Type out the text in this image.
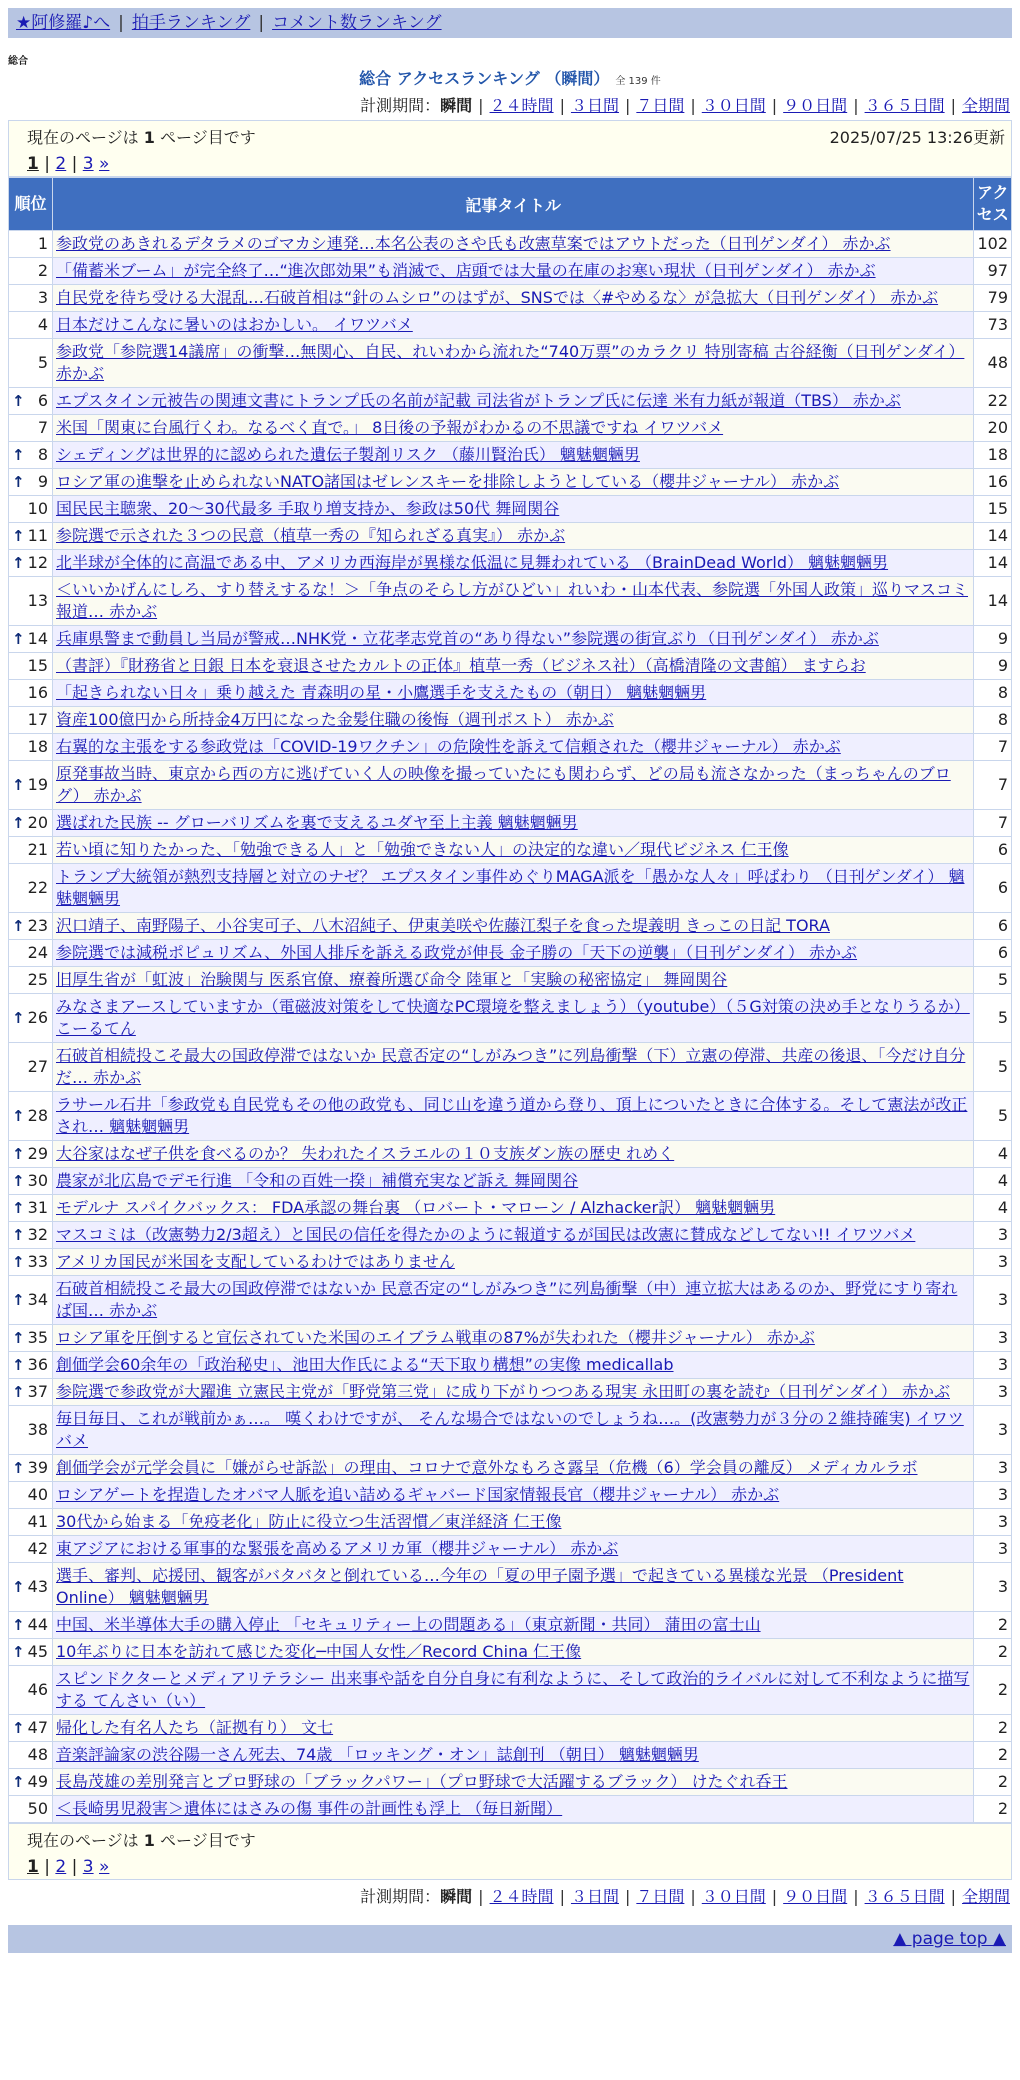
★阿修羅♪へ | 拍手ランキング | コメント数ランキング
総合
総合 アクセスランキング （瞬間） 全 139 件
計測期間：瞬間 | ２４時間 | ３日間 | ７日間 | ３０日間 | ９０日間 | ３６５日間 | 全期間
現在のページは 1 ページ目です	2025/07/25 13:26更新
1 | 2 | 3 »
順位	記事タイトル	アクセス
1	参政党のあきれるデタラメのゴマカシ連発…本名公表のさや氏も改憲草案ではアウトだった（日刊ゲンダイ） 赤かぶ	102
2	「備蓄米ブーム」が完全終了…“進次郎効果”も消滅で、店頭では大量の在庫のお寒い現状（日刊ゲンダイ） 赤かぶ	97
3	自民党を待ち受ける大混乱…石破首相は“針のムシロ”のはずが、SNSでは〈#やめるな〉が急拡大（日刊ゲンダイ） 赤かぶ	79
4	日本だけこんなに暑いのはおかしい。 イワツバメ	73
5	参政党「参院選14議席」の衝撃…無関心、自民、れいわから流れた“740万票”のカラクリ 特別寄稿 古谷経衡（日刊ゲンダイ） 赤かぶ	48

↑ 6	エプスタイン元被告の関連文書にトランプ氏の名前が記載 司法省がトランプ氏に伝達 米有力紙が報道（TBS） 赤かぶ	22
7	米国「関東に台風行くわ。なるべく直で。」 8日後の予報がわかるの不思議ですね イワツバメ	20

↑ 8	シェディングは世界的に認められた遺伝子製剤リスク （藤川賢治氏） 魑魅魍魎男	18

↑ 9	ロシア軍の進撃を止められないNATO諸国はゼレンスキーを排除しようとしている（櫻井ジャーナル） 赤かぶ	16
10	国民民主聴衆、20～30代最多 手取り増支持か、参政は50代 舞岡関谷	15

↑ 11	参院選で示された３つの民意（植草一秀の『知られざる真実』） 赤かぶ	14

↑ 12	北半球が全体的に高温である中、アメリカ西海岸が異様な低温に見舞われている （BrainDead World） 魑魅魍魎男	14
13	＜いいかげんにしろ、すり替えするな！＞「争点のそらし方がひどい」れいわ・山本代表、参院選「外国人政策」巡りマスコミ報道… 赤かぶ	14

↑ 14	兵庫県警まで動員し当局が警戒…NHK党・立花孝志党首の“あり得ない”参院選の街宣ぶり（日刊ゲンダイ） 赤かぶ	9
15	（書評）『財務省と日銀 日本を衰退させたカルトの正体』植草一秀（ビジネス社）（高橋清隆の文書館） ますらお	9
16	「起きられない日々」乗り越えた 青森明の星・小鷹選手を支えたもの（朝日） 魑魅魍魎男	8
17	資産100億円から所持金4万円になった金髪住職の後悔（週刊ポスト） 赤かぶ	8
18	右翼的な主張をする参政党は「COVID-19ワクチン」の危険性を訴えて信頼された（櫻井ジャーナル） 赤かぶ	7

↑ 19	原発事故当時、東京から西の方に逃げていく人の映像を撮っていたにも関わらず、どの局も流さなかった（まっちゃんのブログ） 赤かぶ	7

↑ 20	選ばれた民族 -- グローバリズムを裏で支えるユダヤ至上主義 魑魅魍魎男	7
21	若い頃に知りたかった、「勉強できる人」と「勉強できない人」の決定的な違い／現代ビジネス 仁王像	6
22	トランプ大統領が熱烈支持層と対立のナゼ？ エプスタイン事件めぐりMAGA派を「愚かな人々」呼ばわり （日刊ゲンダイ） 魑魅魍魎男	6

↑ 23	沢口靖子、南野陽子、小谷実可子、八木沼純子、伊東美咲や佐藤江梨子を食った堤義明 きっこの日記 TORA	6
24	参院選では減税ポピュリズム、外国人排斥を訴える政党が伸長 金子勝の「天下の逆襲」（日刊ゲンダイ） 赤かぶ	6
25	旧厚生省が「虹波」治験関与 医系官僚、療養所選び命令 陸軍と「実験の秘密協定」 舞岡関谷	5

↑ 26	みなさまアースしていますか（電磁波対策をして快適なPC環境を整えましょう）（youtube）（５G対策の決め手となりうるか） こーるてん	5
27	石破首相続投こそ最大の国政停滞ではないか 民意否定の“しがみつき”に列島衝撃（下）立憲の停滞、共産の後退、「今だけ自分だ… 赤かぶ	5

↑ 28	ラサール石井「参政党も自民党もその他の政党も、同じ山を違う道から登り、頂上についたときに合体する。そして憲法が改正され… 魑魅魍魎男	5

↑ 29	大谷家はなぜ子供を食べるのか？ 失われたイスラエルの１０支族ダン族の歴史 れめく	4

↑ 30	農家が北広島でデモ行進 「令和の百姓一揆」補償充実など訴え 舞岡関谷	4

↑ 31	モデルナ スパイクバックス： FDA承認の舞台裏 （ロバート・マローン / Alzhacker訳） 魑魅魍魎男	4

↑ 32	マスコミは（改憲勢力2/3超え）と国民の信任を得たかのように報道するが国民は改憲に賛成などしてない!! イワツバメ	3

↑ 33	アメリカ国民が米国を支配しているわけではありません	3

↑ 34	石破首相続投こそ最大の国政停滞ではないか 民意否定の“しがみつき”に列島衝撃（中）連立拡大はあるのか、野党にすり寄れば国… 赤かぶ	3

↑ 35	ロシア軍を圧倒すると宣伝されていた米国のエイブラム戦車の87%が失われた（櫻井ジャーナル） 赤かぶ	3

↑ 36	創価学会60余年の「政治秘史」、池田大作氏による“天下取り構想”の実像 medicallab	3

↑ 37	参院選で参政党が大躍進 立憲民主党が「野党第三党」に成り下がりつつある現実 永田町の裏を読む（日刊ゲンダイ） 赤かぶ	3
38	毎日毎日、これが戦前かぁ…。 嘆くわけですが、 そんな場合ではないのでしょうね…。(改憲勢力が３分の２維持確実) イワツバメ	3

↑ 39	創価学会が元学会員に「嫌がらせ訴訟」の理由、コロナで意外なもろさ露呈（危機（6）学会員の離反） メディカルラボ	3
40	ロシアゲートを捏造したオバマ人脈を追い詰めるギャバード国家情報長官（櫻井ジャーナル） 赤かぶ	3
41	30代から始まる「免疫老化」防止に役立つ生活習慣／東洋経済 仁王像	3
42	東アジアにおける軍事的な緊張を高めるアメリカ軍（櫻井ジャーナル） 赤かぶ	3

↑ 43	選手、審判、応援団、観客がバタバタと倒れている…今年の「夏の甲子園予選」で起きている異様な光景 （President Online） 魑魅魍魎男	3

↑ 44	中国、米半導体大手の購入停止 「セキュリティー上の問題ある」（東京新聞・共同） 蒲田の富士山	2

↑ 45	10年ぶりに日本を訪れて感じた変化─中国人女性／Record China 仁王像	2
46	スピンドクターとメディアリテラシー 出来事や話を自分自身に有利なように、そして政治的ライバルに対して不利なように描写する てんさい（い）	2

↑ 47	帰化した有名人たち（証拠有り） 文七	2
48	音楽評論家の渋谷陽一さん死去、74歳 「ロッキング・オン」誌創刊 （朝日） 魑魅魍魎男	2

↑ 49	長島茂雄の差別発言とプロ野球の「ブラックパワー」（プロ野球で大活躍するブラック） けたぐれ呑王	2
50	＜長崎男児殺害＞遺体にはさみの傷 事件の計画性も浮上 （毎日新聞）	2
現在のページは 1 ページ目です
1 | 2 | 3 »
計測期間：瞬間 | ２４時間 | ３日間 | ７日間 | ３０日間 | ９０日間 | ３６５日間 | 全期間
▲ page top ▲
